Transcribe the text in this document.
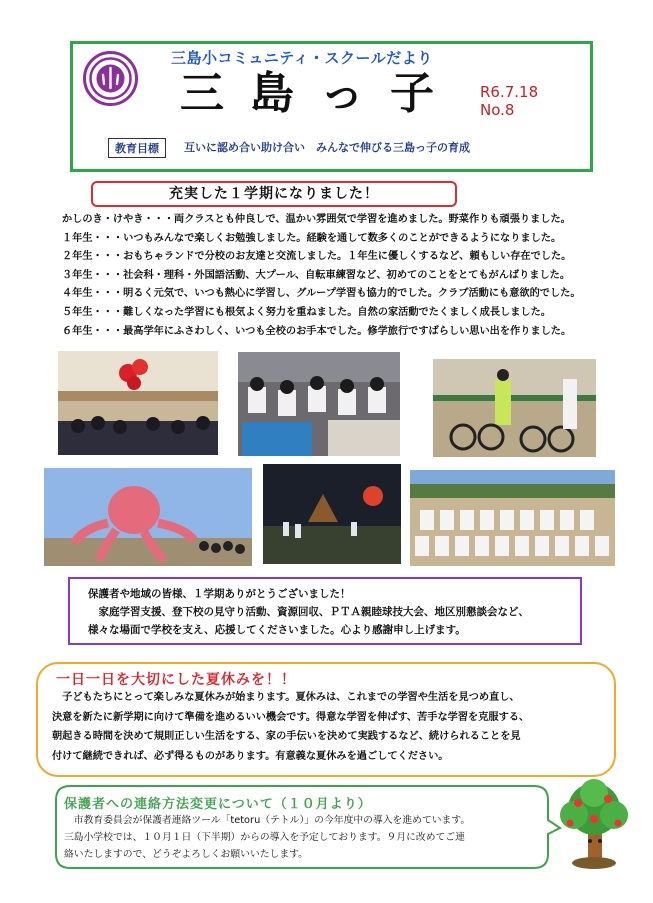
三島小コミュニティ・スクールだより
三島っ子 R6.7.18
No.8
教育目標	互いに認め合い助け合い　みんなで伸びる三島っ子の育成
充実した１学期になりました！
かしのき・けやき・・・両クラスとも仲良しで、温かい雰囲気で学習を進めました。野菜作りも頑張りました。
１年生・・・いつもみんなで楽しくお勉強しました。経験を通して数多くのことができるようになりました。
２年生・・・おもちゃランドで分校のお友達と交流しました。１年生に優しくするなど、頼もしい存在でした。
３年生・・・社会科・理科・外国語活動、大プール、自転車練習など、初めてのことをとてもがんばりました。
４年生・・・明るく元気で、いつも熱心に学習し、グループ学習も協力的でした。クラブ活動にも意欲的でした。
５年生・・・難しくなった学習にも根気よく努力を重ねました。自然の家活動でたくましく成長しました。
６年生・・・最高学年にふさわしく、いつも全校のお手本でした。修学旅行ですばらしい思い出を作りました。
保護者や地域の皆様、１学期ありがとうございました！
　家庭学習支援、登下校の見守り活動、資源回収、ＰＴＡ親睦球技大会、地区別懇談会など、
様々な場面で学校を支え、応援してくださいました。心より感謝申し上げます。
一日一日を大切にした夏休みを！！
　子どもたちにとって楽しみな夏休みが始まります。夏休みは、これまでの学習や生活を見つめ直し、
決意を新たに新学期に向けて準備を進めるいい機会です。得意な学習を伸ばす、苦手な学習を克服する、
朝起きる時間を決めて規則正しい生活をする、家の手伝いを決めて実践するなど、続けられることを見
付けて継続できれば、必ず得るものがあります。有意義な夏休みを過ごしてください。
保護者への連絡方法変更について（１０月より）
　市教育委員会が保護者連絡ツール「tetoru（テトル）」の今年度中の導入を進めています。
三島小学校では、１０月１日（下半期）からの導入を予定しております。９月に改めてご連
絡いたしますので、どうぞよろしくお願いいたします。
